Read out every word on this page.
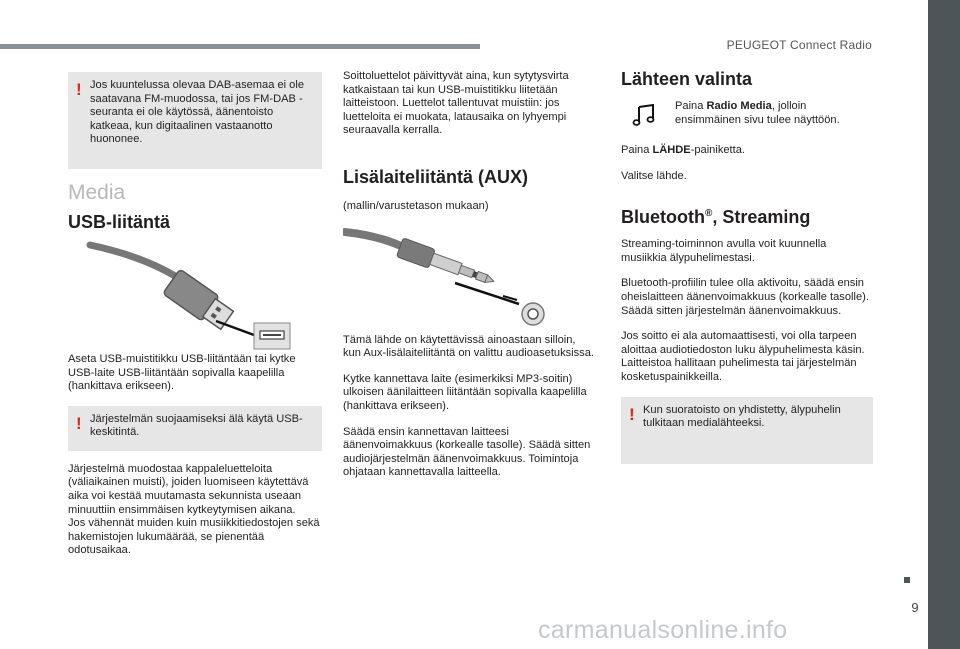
PEUGEOT Connect Radio
9
carmanualsonline.info
! Jos kuuntelussa olevaa DAB-asemaa ei ole saatavana FM-muodossa, tai jos FM-DAB -seuranta ei ole käytössä, äänentoisto katkeaa, kun digitaalinen vastaanotto huononee.
Media
USB-liitäntä

Aseta USB-muistitikku USB-liitäntään tai kytke USB-laite USB-liitäntään sopivalla kaapelilla (hankittava erikseen).

! Järjestelmän suojaamiseksi älä käytä USB-keskitintä.

Järjestelmä muodostaa kappaleluetteloita (väliaikainen muisti), joiden luomiseen käytettävä aika voi kestää muutamasta sekunnista useaan minuuttiin ensimmäisen kytkeytymisen aikana.
Jos vähennät muiden kuin musiikkitiedostojen sekä hakemistojen lukumäärää, se pienentää odotusaikaa.

Soittoluettelot päivittyvät aina, kun sytytysvirta katkaistaan tai kun USB-muistitikku liitetään laitteistoon. Luettelot tallentuvat muistiin: jos luetteloita ei muokata, latausaika on lyhyempi seuraavalla kerralla.

Lisälaiteliitäntä (AUX)

(mallin/varustetason mukaan)

Tämä lähde on käytettävissä ainoastaan silloin, kun Aux-lisälaiteliitäntä on valittu audioasetuksissa.

Kytke kannettava laite (esimerkiksi MP3-soitin) ulkoisen äänilaitteen liitäntään sopivalla kaapelilla (hankittava erikseen).

Säädä ensin kannettavan laitteesi äänenvoimakkuus (korkealle tasolle). Säädä sitten audiojärjestelmän äänenvoimakkuus. Toimintoja ohjataan kannettavalla laitteella.

Lähteen valinta
Paina Radio Media, jolloin ensimmäinen sivu tulee näyttöön.

Paina LÄHDE-painiketta.

Valitse lähde.

Bluetooth®, Streaming

Streaming-toiminnon avulla voit kuunnella musiikkia älypuhelimestasi.

Bluetooth-profiilin tulee olla aktivoitu, säädä ensin oheislaitteen äänenvoimakkuus (korkealle tasolle).
Säädä sitten järjestelmän äänenvoimakkuus.

Jos soitto ei ala automaattisesti, voi olla tarpeen aloittaa audiotiedoston luku älypuhelimesta käsin.
Laitteistoa hallitaan puhelimesta tai järjestelmän kosketuspainikkeilla.

! Kun suoratoisto on yhdistetty, älypuhelin tulkitaan medialähteeksi.
